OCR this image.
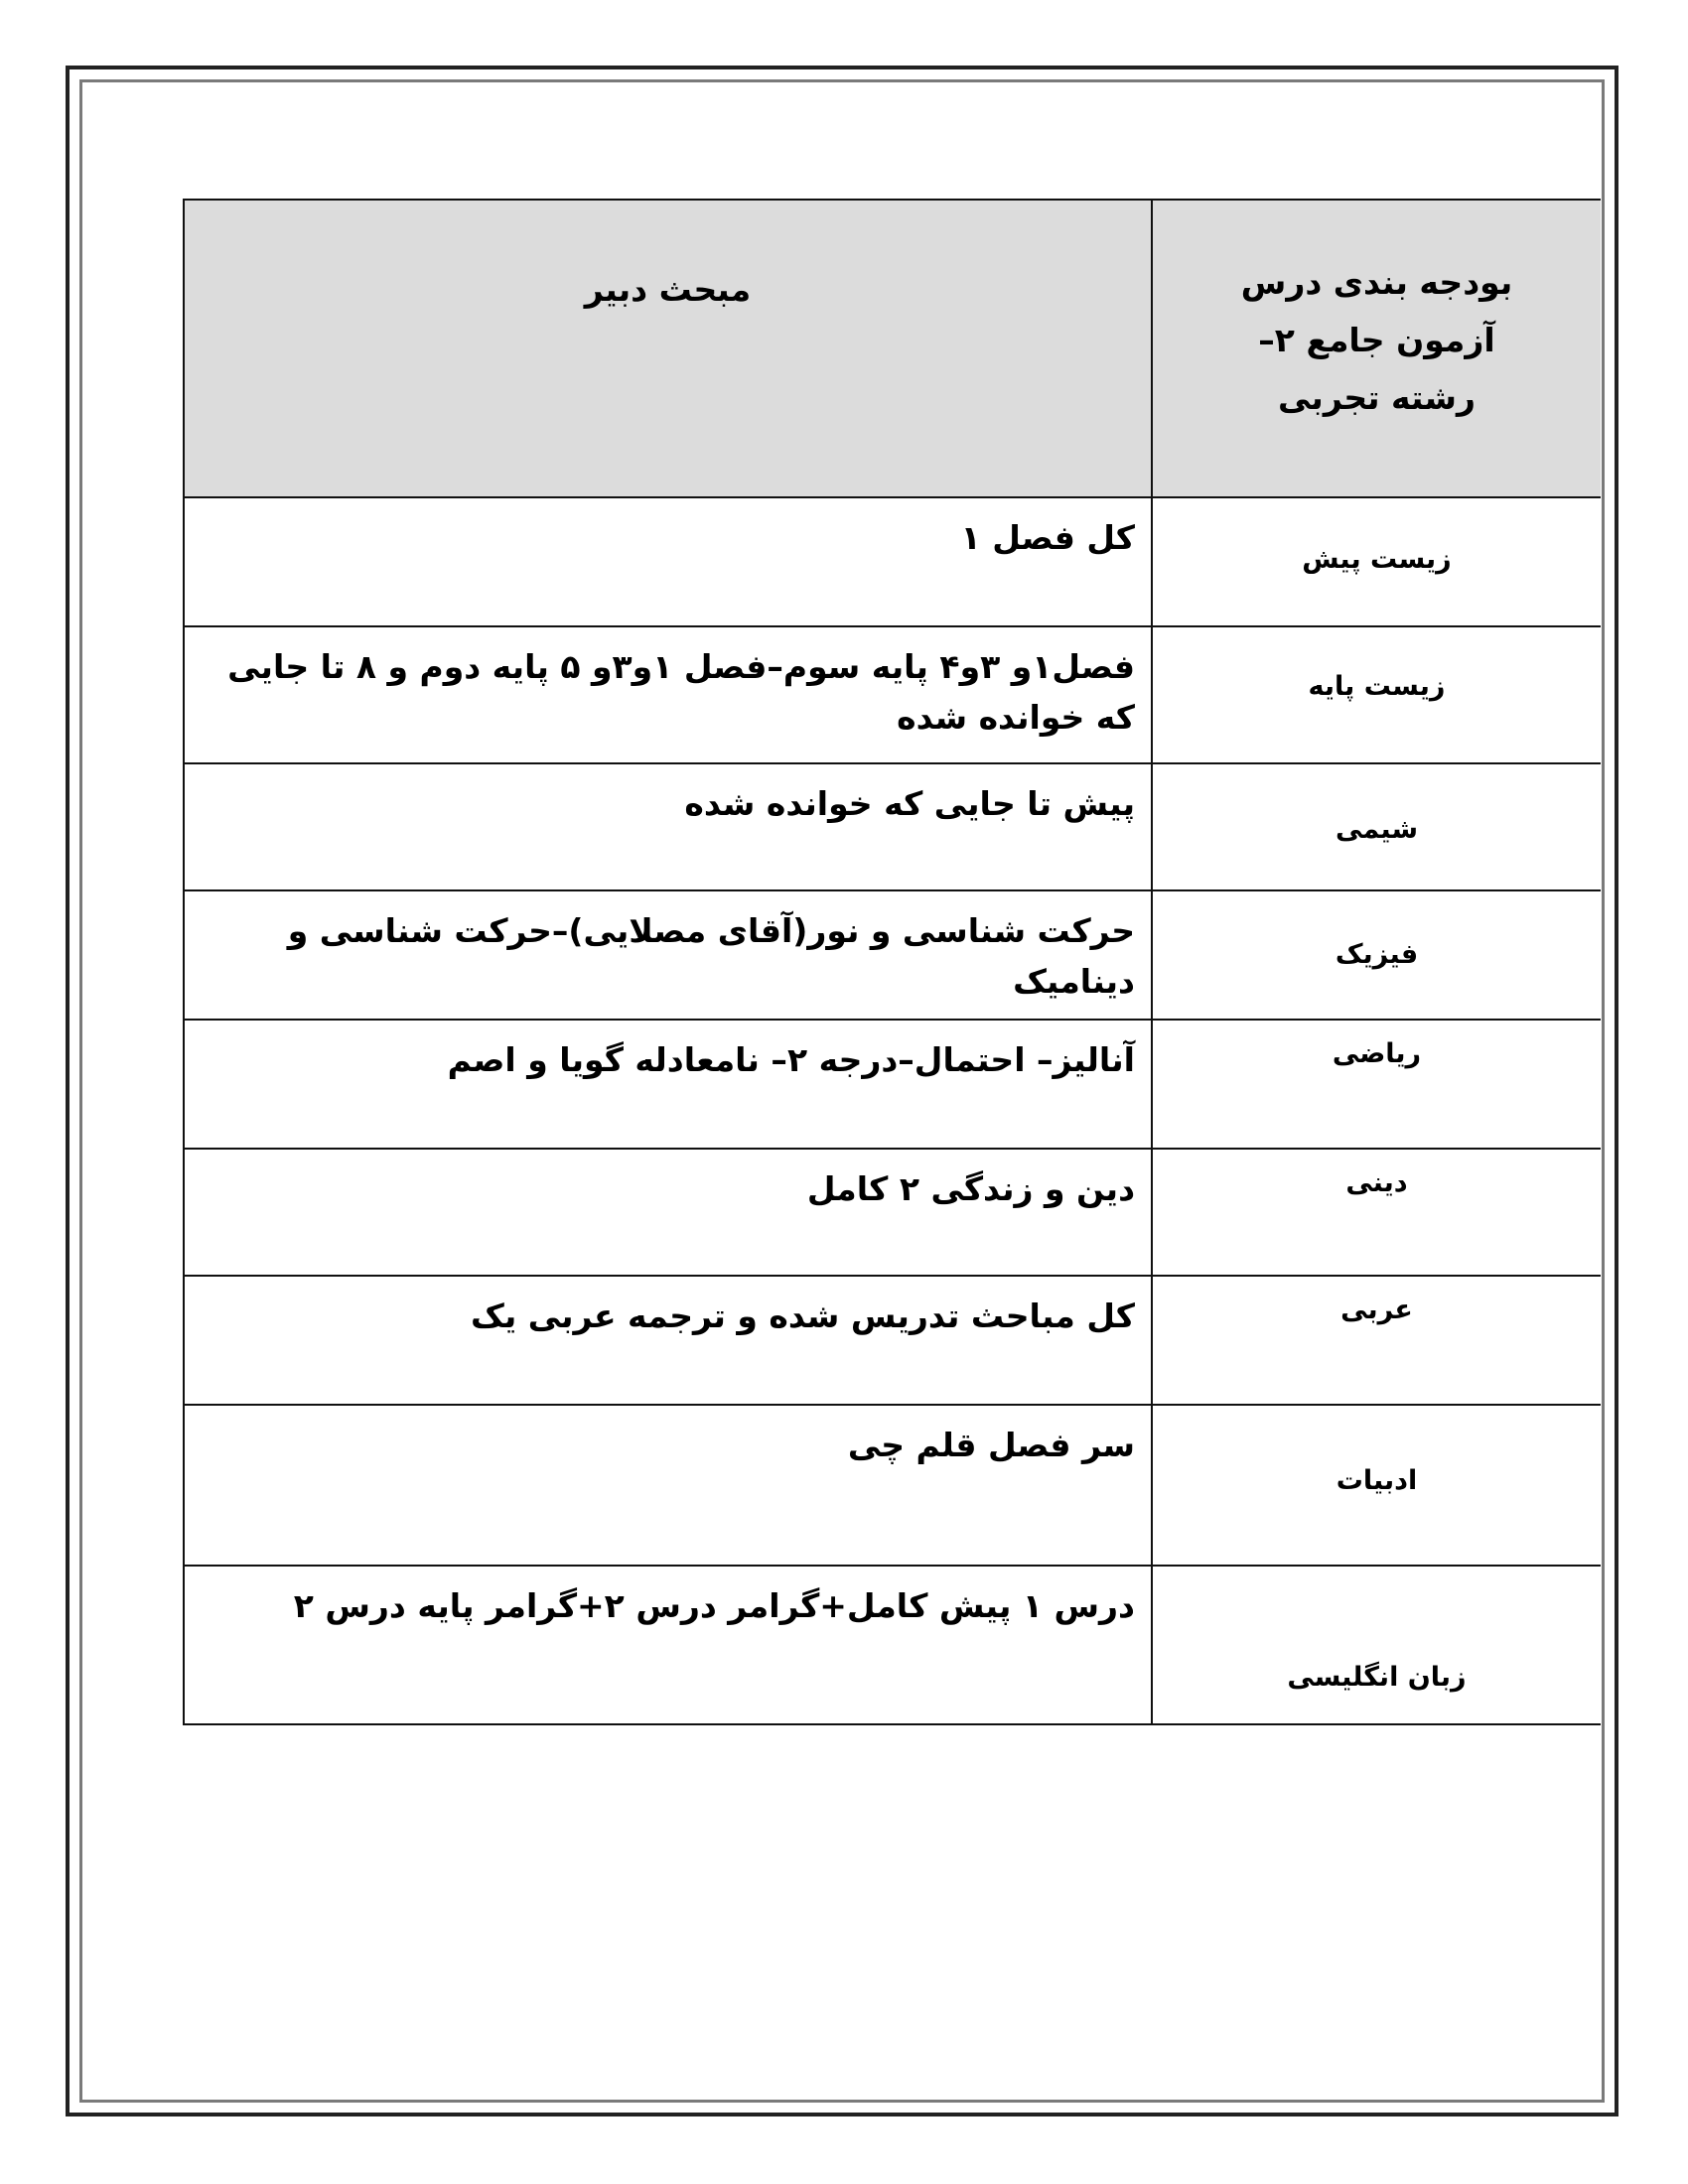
بودجه بندی درس
آزمون جامع ۲–
رشته تجربی	مبحث دبیر
زیست پیش	کل فصل ۱
زیست پایه	فصل۱و ۳و۴ پایه سوم–فصل ۱و۳و ۵ پایه دوم و ۸ تا جایی که خوانده شده
شیمی	پیش تا جایی که خوانده شده
فیزیک	حرکت شناسی و نور(آقای مصلایی)–حرکت شناسی و دینامیک
ریاضی	آنالیز– احتمال–درجه ۲– نامعادله گویا و اصم
دینی	دین و زندگی ۲ کامل
عربی	کل مباحث تدریس شده و ترجمه عربی یک
ادبیات	سر فصل قلم چی
زبان انگلیسی	درس ۱ پیش کامل+گرامر درس ۲+گرامر پایه درس ۲
